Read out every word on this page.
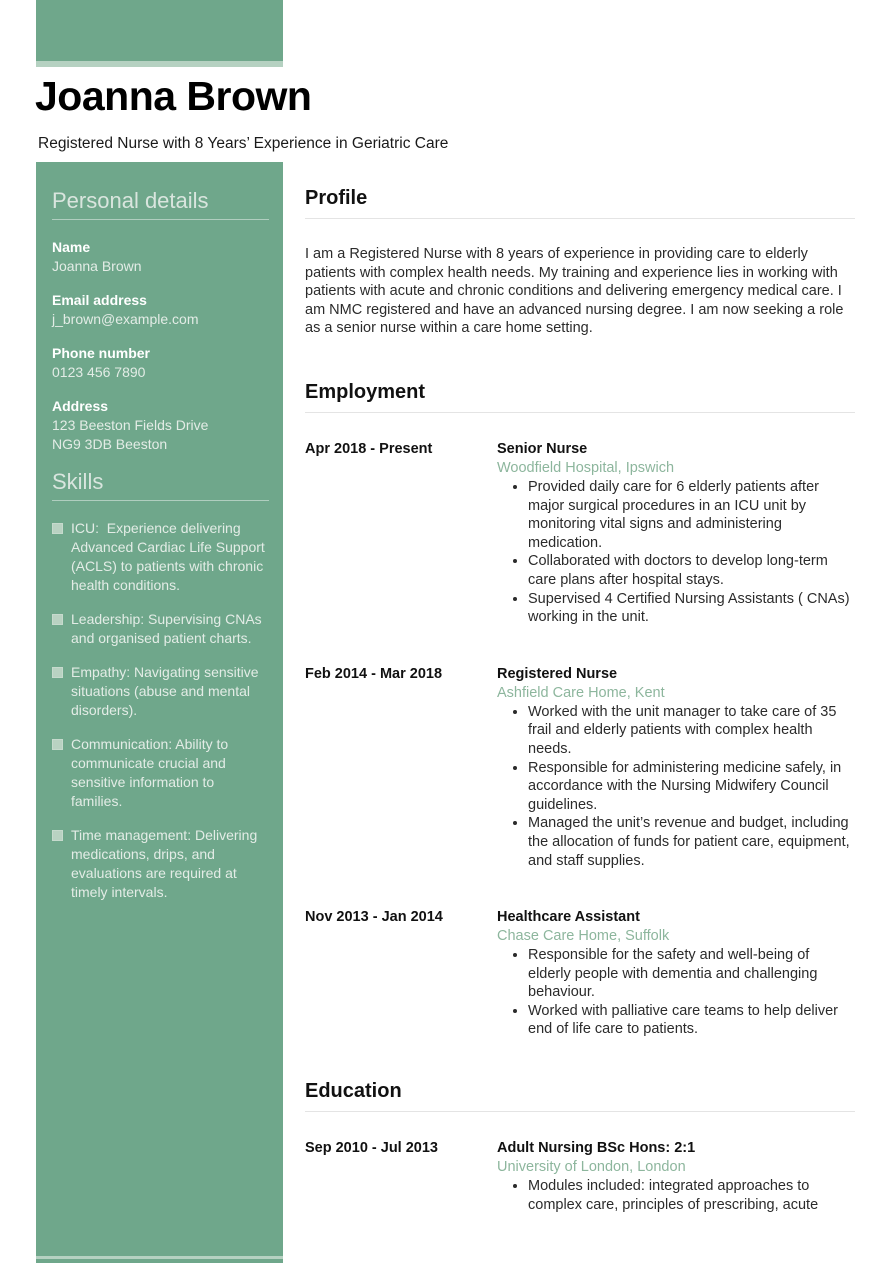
Joanna Brown

Registered Nurse with 8 Years’ Experience in Geriatric Care

Personal details
Name
Joanna Brown
Email address
j_brown@example.com
Phone number
0123 456 7890
Address
123 Beeston Fields Drive
NG9 3DB Beeston
Skills
ICU:  Experience delivering Advanced Cardiac Life Support (ACLS) to patients with chronic health conditions.
Leadership: Supervising CNAs and organised patient charts.
Empathy: Navigating sensitive situations (abuse and mental disorders).
Communication: Ability to communicate crucial and sensitive information to families.
Time management: Delivering medications, drips, and evaluations are required at timely intervals.
Profile

I am a Registered Nurse with 8 years of experience in providing care to elderly patients with complex health needs. My training and experience lies in working with patients with acute and chronic conditions and delivering emergency medical care. I am NMC registered and have an advanced nursing degree. I am now seeking a role as a senior nurse within a care home setting.

Employment
Apr 2018 - Present	Senior Nurse
Woodfield Hospital, Ipswich
• Provided daily care for 6 elderly patients after major surgical procedures in an ICU unit by monitoring vital signs and administering medication.
• Collaborated with doctors to develop long-term care plans after hospital stays.
• Supervised 4 Certified Nursing Assistants ( CNAs) working in the unit.
Feb 2014 - Mar 2018	Registered Nurse
Ashfield Care Home, Kent
• Worked with the unit manager to take care of 35 frail and elderly patients with complex health needs.
• Responsible for administering medicine safely, in accordance with the Nursing Midwifery Council guidelines.
• Managed the unit’s revenue and budget, including the allocation of funds for patient care, equipment, and staff supplies.
Nov 2013 - Jan 2014	Healthcare Assistant
Chase Care Home, Suffolk
• Responsible for the safety and well-being of elderly people with dementia and challenging behaviour.
• Worked with palliative care teams to help deliver end of life care to patients.
Education
Sep 2010 - Jul 2013	Adult Nursing BSc Hons: 2:1
University of London, London
• Modules included: integrated approaches to complex care, principles of prescribing, acute
